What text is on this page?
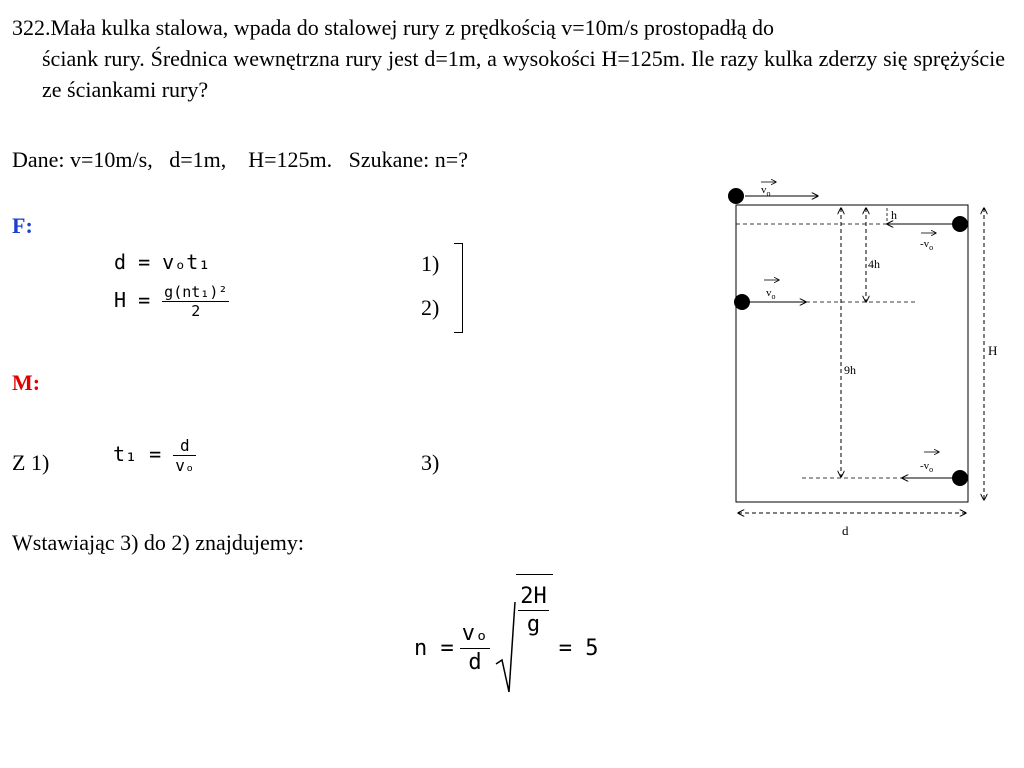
322.Mała kulka stalowa, wpada do stalowej rury z prędkością v=10m/s prostopadłą do
ściank rury. Średnica wewnętrzna rury jest d=1m, a wysokości H=125m. Ile razy kulka zderzy się sprężyście ze ściankami rury?
Dane: v=10m/s,   d=1m,    H=125m.   Szukane: n=?
F:
d = vₒt₁	1)
$H = \frac{\text{g(nt₁)²}}{2}$	2)
M:
Z 1)	$t_1 = \frac{d}{\text{vₒ}}$	3)
Wstawiając 3) do 2) znajdujemy:
$n = \frac{\text{vₒ}}{d}$
$\frac{2H}{g}$
= 5
$v_o$
$-v_o$
h
4h
$v_o$
9h
$-v_o$
H
d
